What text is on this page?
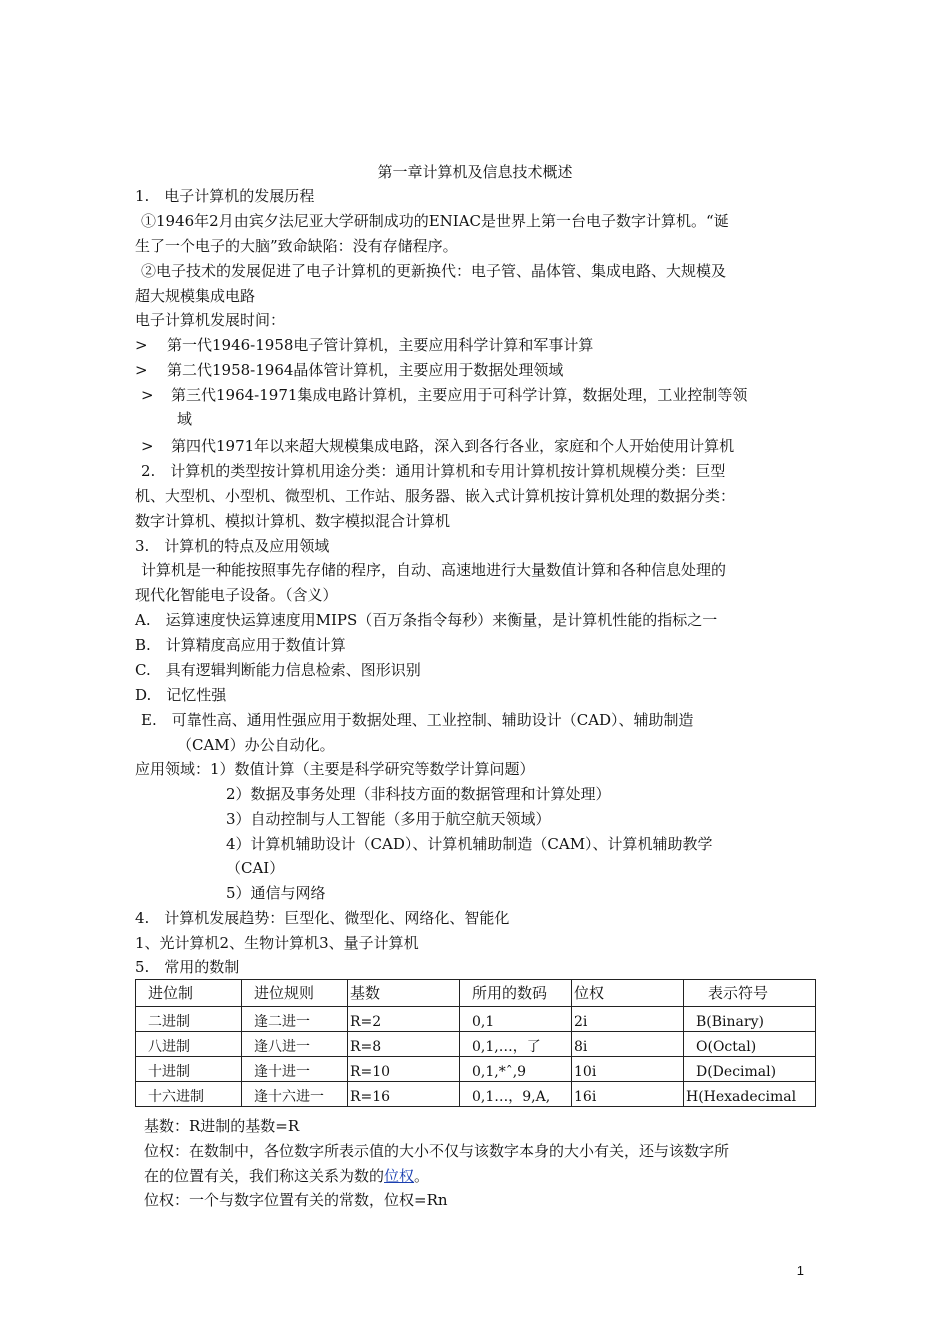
第一章计算机及信息技术概述
1.　电子计算机的发展历程
①1946年2月由宾夕法尼亚大学研制成功的ENIAC是世界上第一台电子数字计算机。“诞
生了一个电子的大脑”致命缺陷：没有存储程序。
②电子技术的发展促进了电子计算机的更新换代：电子管、晶体管、集成电路、大规模及
超大规模集成电路
电子计算机发展时间：
> 第一代1946-1958电子管计算机，主要应用科学计算和军事计算
> 第二代1958-1964晶体管计算机，主要应用于数据处理领域
> 第三代1964-1971集成电路计算机，主要应用于可科学计算，数据处理，工业控制等领
域
> 第四代1971年以来超大规模集成电路，深入到各行各业，家庭和个人开始使用计算机
2.　计算机的类型按计算机用途分类：通用计算机和专用计算机按计算机规模分类：巨型
机、大型机、小型机、微型机、工作站、服务器、嵌入式计算机按计算机处理的数据分类：
数字计算机、模拟计算机、数字模拟混合计算机
3.　计算机的特点及应用领域
计算机是一种能按照事先存储的程序，自动、高速地进行大量数值计算和各种信息处理的
现代化智能电子设备。（含义）
A.　运算速度快运算速度用MIPS（百万条指令每秒）来衡量，是计算机性能的指标之一
B.　计算精度高应用于数值计算
C.　具有逻辑判断能力信息检索、图形识别
D.　记忆性强
E.　可靠性高、通用性强应用于数据处理、工业控制、辅助设计（CAD）、辅助制造
（CAM）办公自动化。
应用领域：1）数值计算（主要是科学研究等数学计算问题）
2）数据及事务处理（非科技方面的数据管理和计算处理）
3）自动控制与人工智能（多用于航空航天领域）
4）计算机辅助设计（CAD）、计算机辅助制造（CAM）、计算机辅助教学
（CAI）
5）通信与网络
4.　计算机发展趋势：巨型化、微型化、网络化、智能化
1、光计算机2、生物计算机3、量子计算机
5.　常用的数制
进位制	进位规则	基数	所用的数码	位权	表示符号
二进制	逢二进一	R=2	0,1	2i	B(Binary)
八进制	逢八进一	R=8	0,1,…，了	8i	O(Octal)
十进制	逢十进一	R=10	0,1,*ˆ,9	10i	D(Decimal)
十六进制	逢十六进一	R=16	0,1…，9,A,	16i	H(Hexadecimal
基数：R进制的基数=R
位权：在数制中，各位数字所表示值的大小不仅与该数字本身的大小有关，还与该数字所
在的位置有关，我们称这关系为数的位权。
位权：一个与数字位置有关的常数，位权=Rn
1
